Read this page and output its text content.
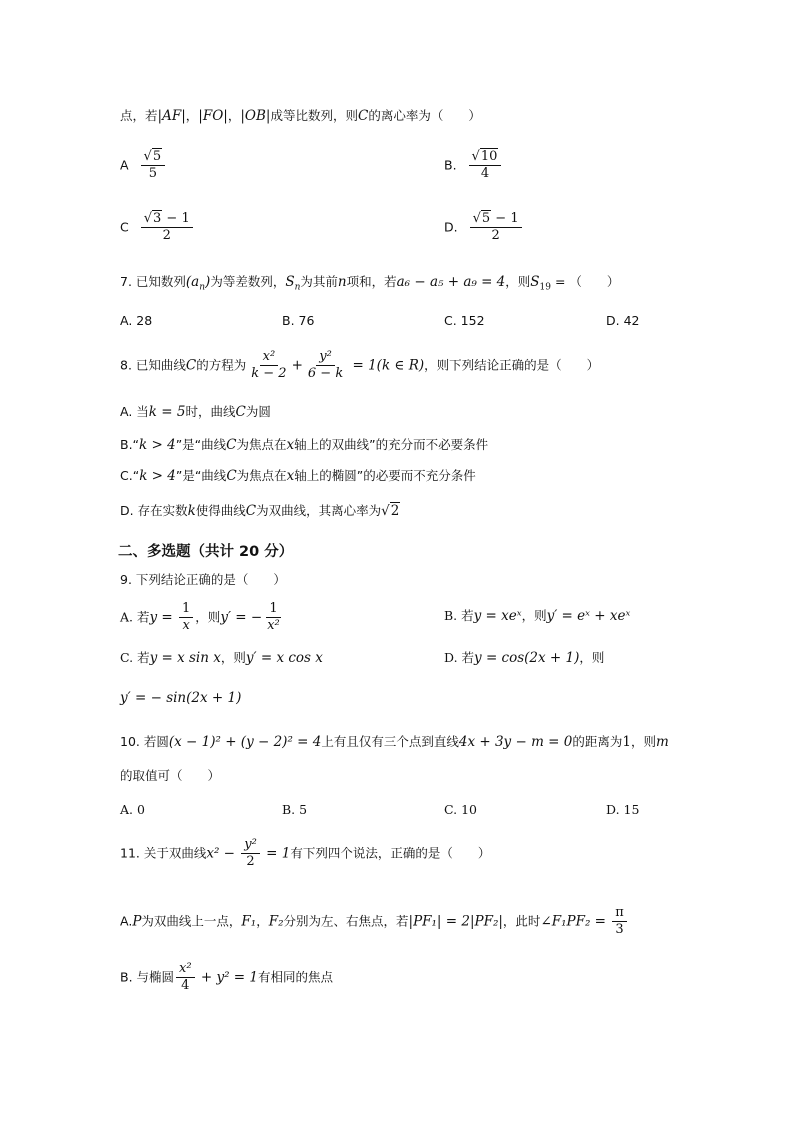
点，若|AF|，|FO|，|OB|成等比数列，则C的离心率为（　　）
A $\frac{√5}{5}$	B. $\frac{√10}{4}$
C $\frac{√3 - 1}{2}$	D. $\frac{√5 - 1}{2}$
7. 已知数列$(a_n)$为等差数列，$S_n$为其前n项和，若a₆ − a₅ + a₉ = 4，则$S_{19}$ = （　　）
A. 28	B. 76	C. 152	D. 42
8. 已知曲线C的方程为 $\frac{\text{x²}}{k - 2} + \frac{\text{y²}}{6 - k} = 1(k$ ∈ R)，则下列结论正确的是（　　）
A. 当k = 5时，曲线C为圆
B.“k > 4”是“曲线C为焦点在x轴上的双曲线”的充分而不必要条件
C.“k > 4”是“曲线C为焦点在x轴上的椭圆”的必要而不充分条件
D. 存在实数k使得曲线C为双曲线，其离心率为√2
二、多选题（共计 20 分）
9. 下列结论正确的是（　　）
A. 若$y = \frac{1}{x}$ ，则y′ = − $\frac{1}{\text{x²}}$	B. 若y = xeˣ，则y′ = eˣ + xeˣ
C. 若y = x sin x，则y′ = x cos x	D. 若y = cos(2x + 1)，则
y′ = − sin(2x + 1)
10. 若圆(x − 1)² + (y − 2)² = 4上有且仅有三个点到直线4x + 3y − m = 0的距离为1，则m
的取值可（　　）
A. 0	B. 5	C. 10	D. 15
11. 关于双曲线$x^2 - \frac{\text{y²}}{2} = 1$有下列四个说法，正确的是（　　）
A.P为双曲线上一点，F₁，F₂分别为左、右焦点，若|PF₁| = 2|PF₂|，此时∠F₁PF₂ = $\frac{\pi}{3}$
B. 与椭圆 $\frac{\text{x²}}{4} + y^2 = 1$有相同的焦点
